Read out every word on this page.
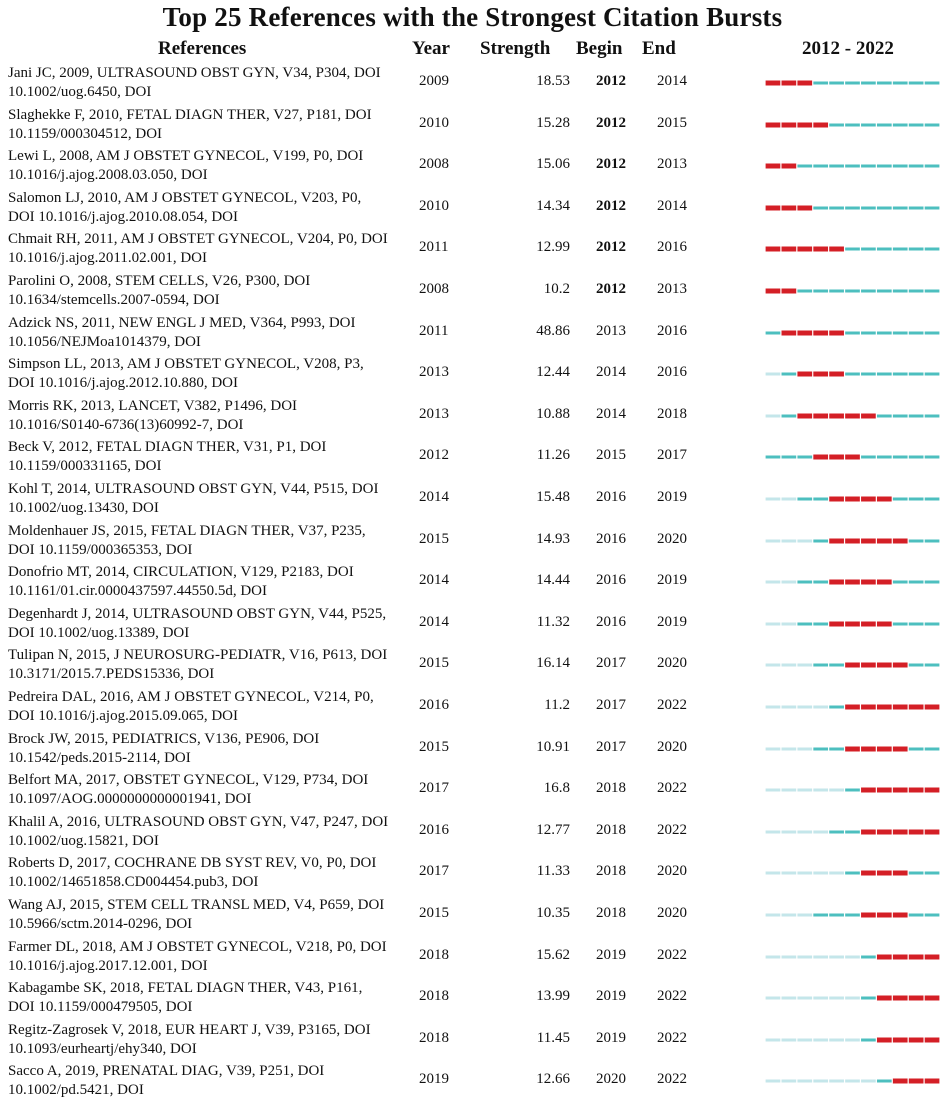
Top 25 References with the Strongest Citation Bursts
References	Year Strength Begin End	2012 - 2022
Jani JC, 2009, ULTRASOUND OBST GYN, V34, P304, DOI
10.1002/uog.6450, DOI
2009	18.53 2012 2014
Slaghekke F, 2010, FETAL DIAGN THER, V27, P181, DOI
10.1159/000304512, DOI
2010	15.28 2012 2015
Lewi L, 2008, AM J OBSTET GYNECOL, V199, P0, DOI
10.1016/j.ajog.2008.03.050, DOI
2008	15.06 2012 2013
Salomon LJ, 2010, AM J OBSTET GYNECOL, V203, P0,
DOI 10.1016/j.ajog.2010.08.054, DOI
2010	14.34 2012 2014
Chmait RH, 2011, AM J OBSTET GYNECOL, V204, P0, DOI
10.1016/j.ajog.2011.02.001, DOI
2011	12.99 2012 2016
Parolini O, 2008, STEM CELLS, V26, P300, DOI
10.1634/stemcells.2007-0594, DOI
2008	10.2 2012 2013
Adzick NS, 2011, NEW ENGL J MED, V364, P993, DOI
10.1056/NEJMoa1014379, DOI
2011	48.86 2013 2016
Simpson LL, 2013, AM J OBSTET GYNECOL, V208, P3,
DOI 10.1016/j.ajog.2012.10.880, DOI
2013	12.44 2014 2016
Morris RK, 2013, LANCET, V382, P1496, DOI
10.1016/S0140-6736(13)60992-7, DOI
2013	10.88 2014 2018
Beck V, 2012, FETAL DIAGN THER, V31, P1, DOI
10.1159/000331165, DOI
2012	11.26 2015 2017
Kohl T, 2014, ULTRASOUND OBST GYN, V44, P515, DOI
10.1002/uog.13430, DOI
2014	15.48 2016 2019
Moldenhauer JS, 2015, FETAL DIAGN THER, V37, P235,
DOI 10.1159/000365353, DOI
2015	14.93 2016 2020
Donofrio MT, 2014, CIRCULATION, V129, P2183, DOI
10.1161/01.cir.0000437597.44550.5d, DOI
2014	14.44 2016 2019
Degenhardt J, 2014, ULTRASOUND OBST GYN, V44, P525,
DOI 10.1002/uog.13389, DOI
2014	11.32 2016 2019
Tulipan N, 2015, J NEUROSURG-PEDIATR, V16, P613, DOI
10.3171/2015.7.PEDS15336, DOI
2015	16.14 2017 2020
Pedreira DAL, 2016, AM J OBSTET GYNECOL, V214, P0,
DOI 10.1016/j.ajog.2015.09.065, DOI
2016	11.2 2017 2022
Brock JW, 2015, PEDIATRICS, V136, PE906, DOI
10.1542/peds.2015-2114, DOI
2015	10.91 2017 2020
Belfort MA, 2017, OBSTET GYNECOL, V129, P734, DOI
10.1097/AOG.0000000000001941, DOI
2017	16.8 2018 2022
Khalil A, 2016, ULTRASOUND OBST GYN, V47, P247, DOI
10.1002/uog.15821, DOI
2016	12.77 2018 2022
Roberts D, 2017, COCHRANE DB SYST REV, V0, P0, DOI
10.1002/14651858.CD004454.pub3, DOI
2017	11.33 2018 2020
Wang AJ, 2015, STEM CELL TRANSL MED, V4, P659, DOI
10.5966/sctm.2014-0296, DOI
2015	10.35 2018 2020
Farmer DL, 2018, AM J OBSTET GYNECOL, V218, P0, DOI
10.1016/j.ajog.2017.12.001, DOI
2018	15.62 2019 2022
Kabagambe SK, 2018, FETAL DIAGN THER, V43, P161,
DOI 10.1159/000479505, DOI
2018	13.99 2019 2022
Regitz-Zagrosek V, 2018, EUR HEART J, V39, P3165, DOI
10.1093/eurheartj/ehy340, DOI
2018	11.45 2019 2022
Sacco A, 2019, PRENATAL DIAG, V39, P251, DOI
10.1002/pd.5421, DOI
2019	12.66 2020 2022
